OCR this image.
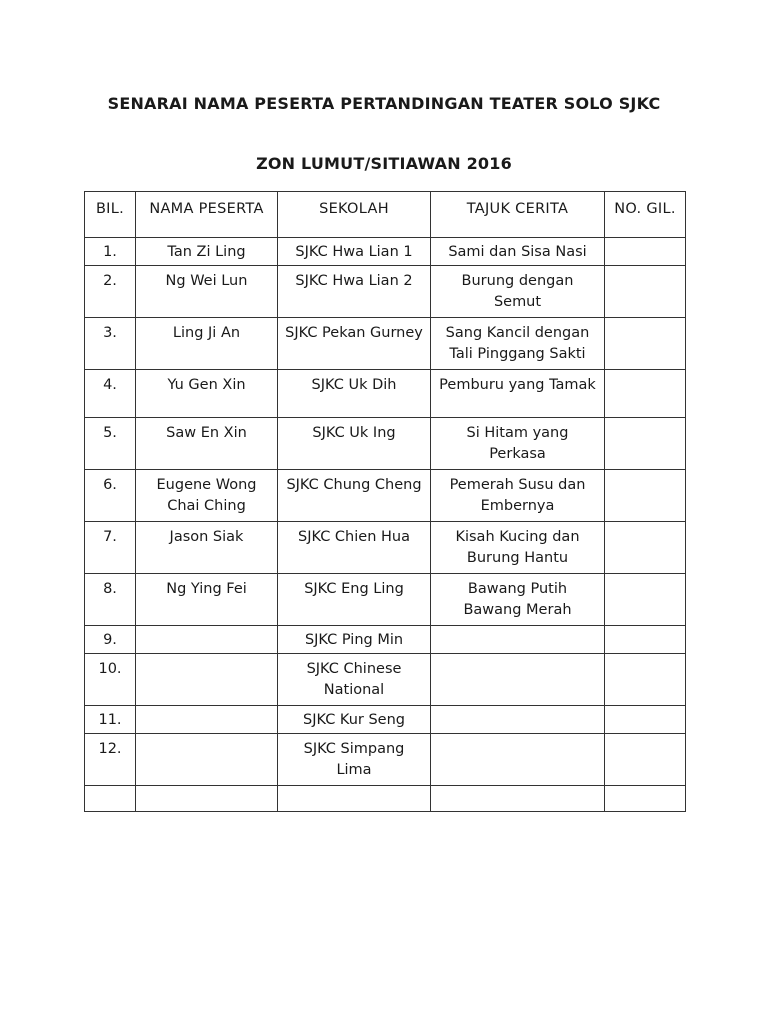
SENARAI NAMA PESERTA PERTANDINGAN TEATER SOLO SJKC
ZON LUMUT/SITIAWAN 2016
BIL.	NAMA PESERTA	SEKOLAH	TAJUK CERITA	NO. GIL.
1.	Tan Zi Ling	SJKC Hwa Lian 1	Sami dan Sisa Nasi	
2.	Ng Wei Lun	SJKC Hwa Lian 2	Burung dengan Semut	
3.	Ling Ji An	SJKC Pekan Gurney	Sang Kancil dengan Tali Pinggang Sakti	
4.	Yu Gen Xin	SJKC Uk Dih	Pemburu yang Tamak	
5.	Saw En Xin	SJKC Uk Ing	Si Hitam yang Perkasa	
6.	Eugene Wong Chai Ching	SJKC Chung Cheng	Pemerah Susu dan Embernya	
7.	Jason Siak	SJKC Chien Hua	Kisah Kucing dan Burung Hantu	
8.	Ng Ying Fei	SJKC Eng Ling	Bawang Putih Bawang Merah	
9.		SJKC Ping Min		
10.		SJKC Chinese National		
11.		SJKC Kur Seng		
12.		SJKC Simpang Lima		
